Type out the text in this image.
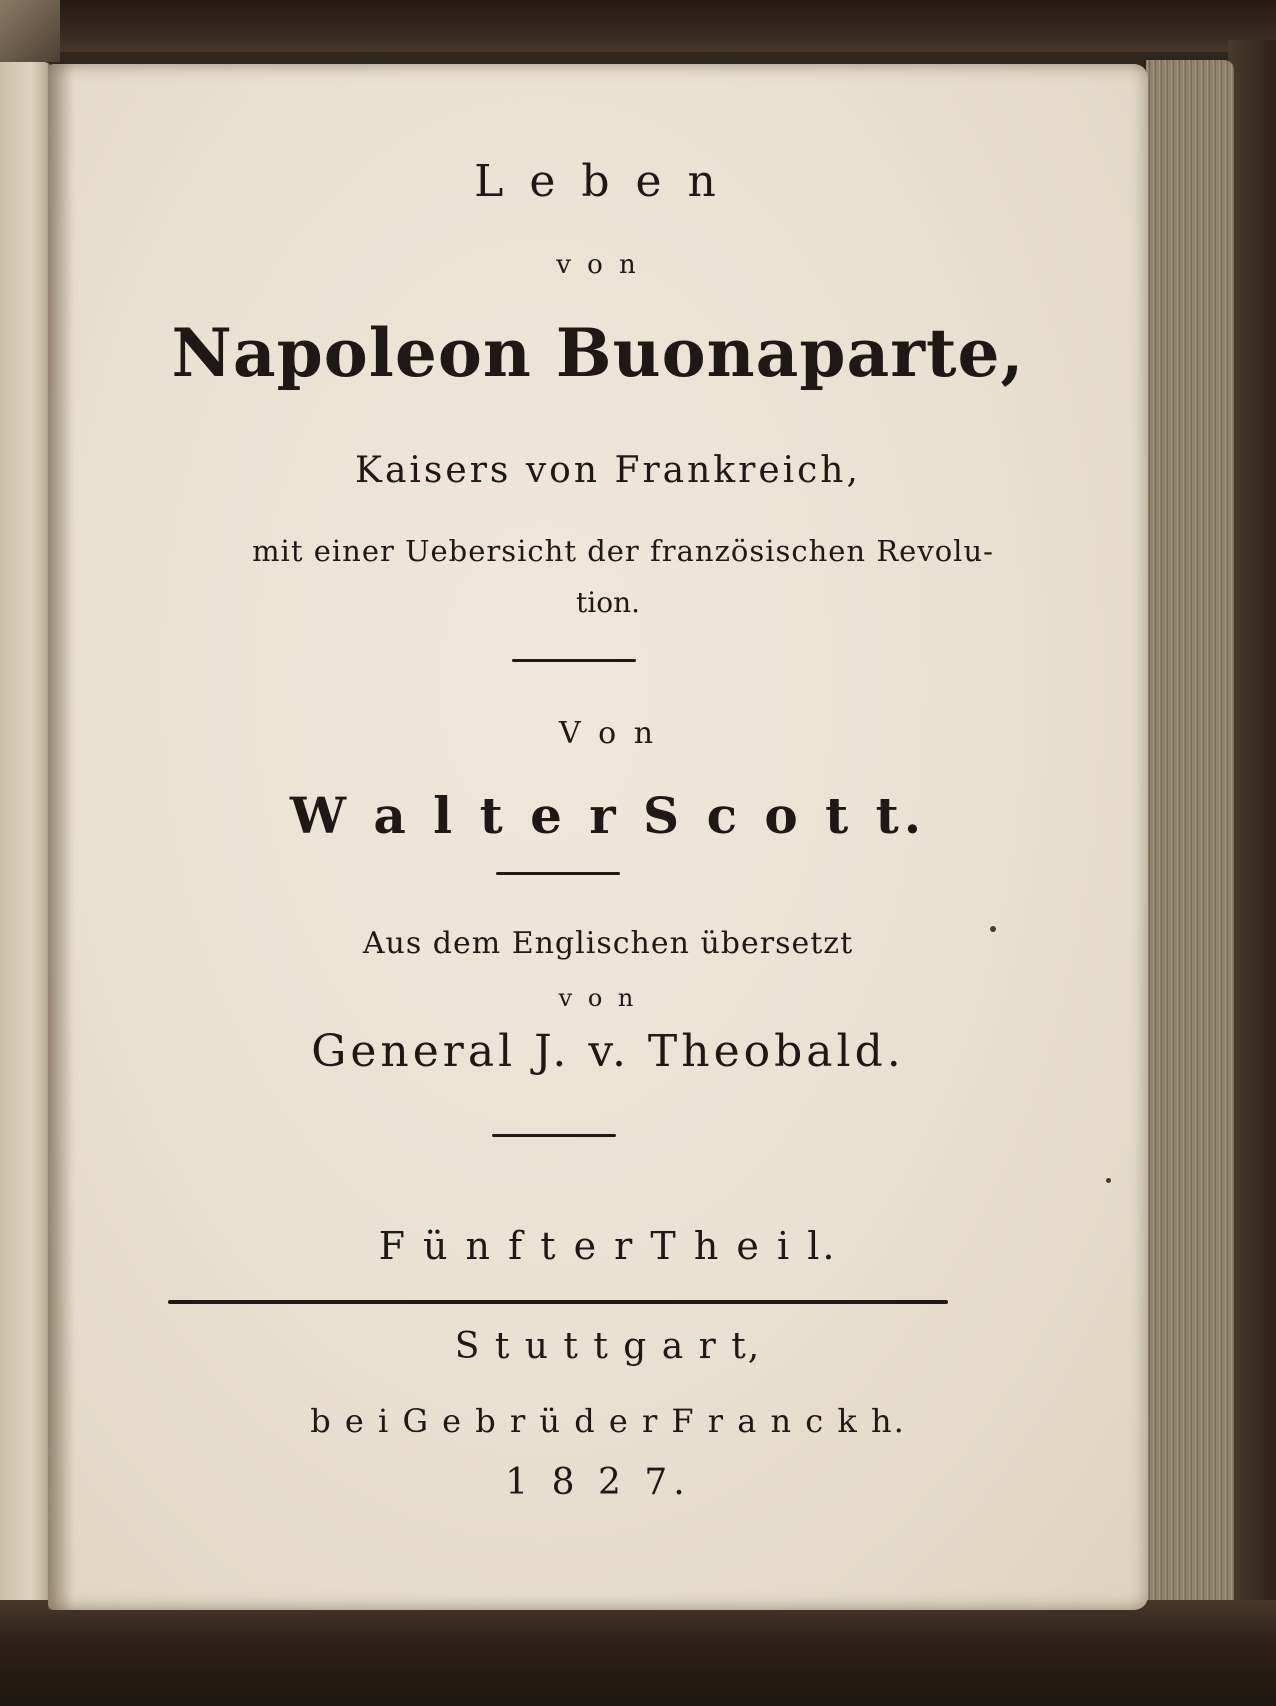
L e b e n
v o n
Napoleon Buonaparte,
Kaisers von Frankreich,
mit einer Uebersicht der französischen Revolu-
tion.
V o n
W a l t e r S c o t t.
Aus dem Englischen übersetzt
v o n
General J. v. Theobald.
F ü n f t e r T h e i l.
S t u t t g a r t,
b e i G e b r ü d e r F r a n c k h.
1 8 2 7.
